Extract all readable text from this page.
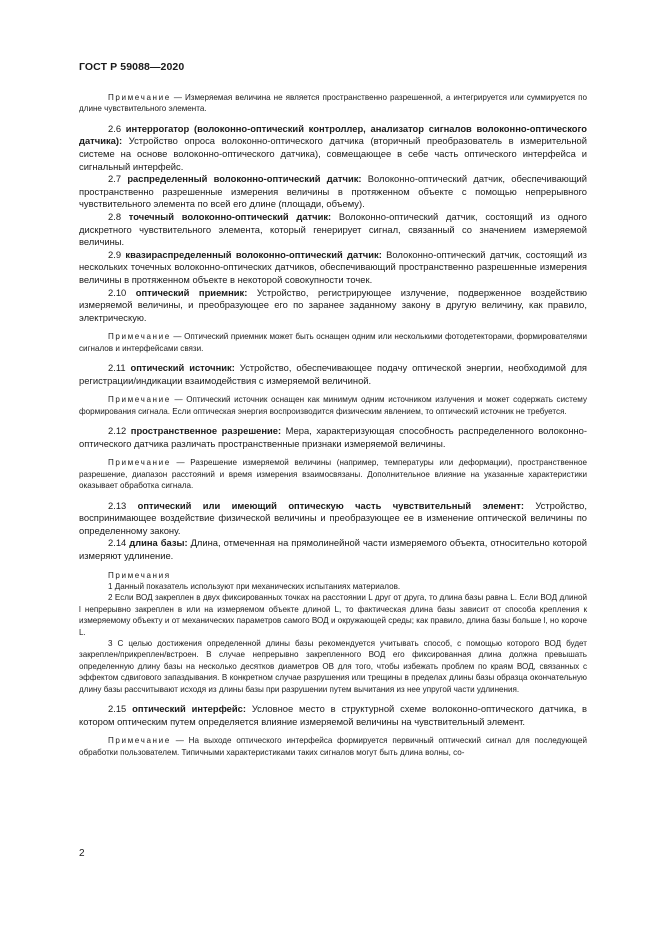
ГОСТ Р 59088—2020

Примечание — Измеряемая величина не является пространственно разрешенной, а интегрируется или суммируется по длине чувствительного элемента.

2.6 интеррогатор (волоконно-оптический контроллер, анализатор сигналов волоконно-оптического датчика): Устройство опроса волоконно-оптического датчика (вторичный преобразователь в измерительной системе на основе волоконно-оптического датчика), совмещающее в себе часть оптического интерфейса и сигнальный интерфейс.

2.7 распределенный волоконно-оптический датчик: Волоконно-оптический датчик, обеспечивающий пространственно разрешенные измерения величины в протяженном объекте с помощью непрерывного чувствительного элемента по всей его длине (площади, объему).

2.8 точечный волоконно-оптический датчик: Волоконно-оптический датчик, состоящий из одного дискретного чувствительного элемента, который генерирует сигнал, связанный со значением измеряемой величины.

2.9 квазираспределенный волоконно-оптический датчик: Волоконно-оптический датчик, состоящий из нескольких точечных волоконно-оптических датчиков, обеспечивающий пространственно разрешенные измерения величины в протяженном объекте в некоторой совокупности точек.

2.10 оптический приемник: Устройство, регистрирующее излучение, подверженное воздействию измеряемой величины, и преобразующее его по заранее заданному закону в другую величину, как правило, электрическую.

Примечание — Оптический приемник может быть оснащен одним или несколькими фотодетекторами, формирователями сигналов и интерфейсами связи.

2.11 оптический источник: Устройство, обеспечивающее подачу оптической энергии, необходимой для регистрации/индикации взаимодействия с измеряемой величиной.

Примечание — Оптический источник оснащен как минимум одним источником излучения и может содержать систему формирования сигнала. Если оптическая энергия воспроизводится физическим явлением, то оптический источник не требуется.

2.12 пространственное разрешение: Мера, характеризующая способность распределенного волоконно-оптического датчика различать пространственные признаки измеряемой величины.

Примечание — Разрешение измеряемой величины (например, температуры или деформации), пространственное разрешение, диапазон расстояний и время измерения взаимосвязаны. Дополнительное влияние на указанные характеристики оказывает обработка сигнала.

2.13 оптический или имеющий оптическую часть чувствительный элемент: Устройство, воспринимающее воздействие физической величины и преобразующее ее в изменение оптической величины по определенному закону.

2.14 длина базы: Длина, отмеченная на прямолинейной части измеряемого объекта, относительно которой измеряют удлинение.

Примечания

1 Данный показатель используют при механических испытаниях материалов.

2 Если ВОД закреплен в двух фиксированных точках на расстоянии L друг от друга, то длина базы равна L. Если ВОД длиной l непрерывно закреплен в или на измеряемом объекте длиной L, то фактическая длина базы зависит от способа крепления к измеряемому объекту и от механических параметров самого ВОД и окружающей среды; как правило, длина базы больше l, но короче L.

3 С целью достижения определенной длины базы рекомендуется учитывать способ, с помощью которого ВОД будет закреплен/прикреплен/встроен. В случае непрерывно закрепленного ВОД его фиксированная длина должна превышать определенную длину базы на несколько десятков диаметров ОВ для того, чтобы избежать проблем по краям ВОД, связанных с эффектом сдвигового запаздывания. В конкретном случае разрушения или трещины в пределах длины базы образца окончательную длину базы рассчитывают исходя из длины базы при разрушении путем вычитания из нее упругой части удлинения.

2.15 оптический интерфейс: Условное место в структурной схеме волоконно-оптического датчика, в котором оптическим путем определяется влияние измеряемой величины на чувствительный элемент.

Примечание — На выходе оптического интерфейса формируется первичный оптический сигнал для последующей обработки пользователем. Типичными характеристиками таких сигналов могут быть длина волны, со-

2
